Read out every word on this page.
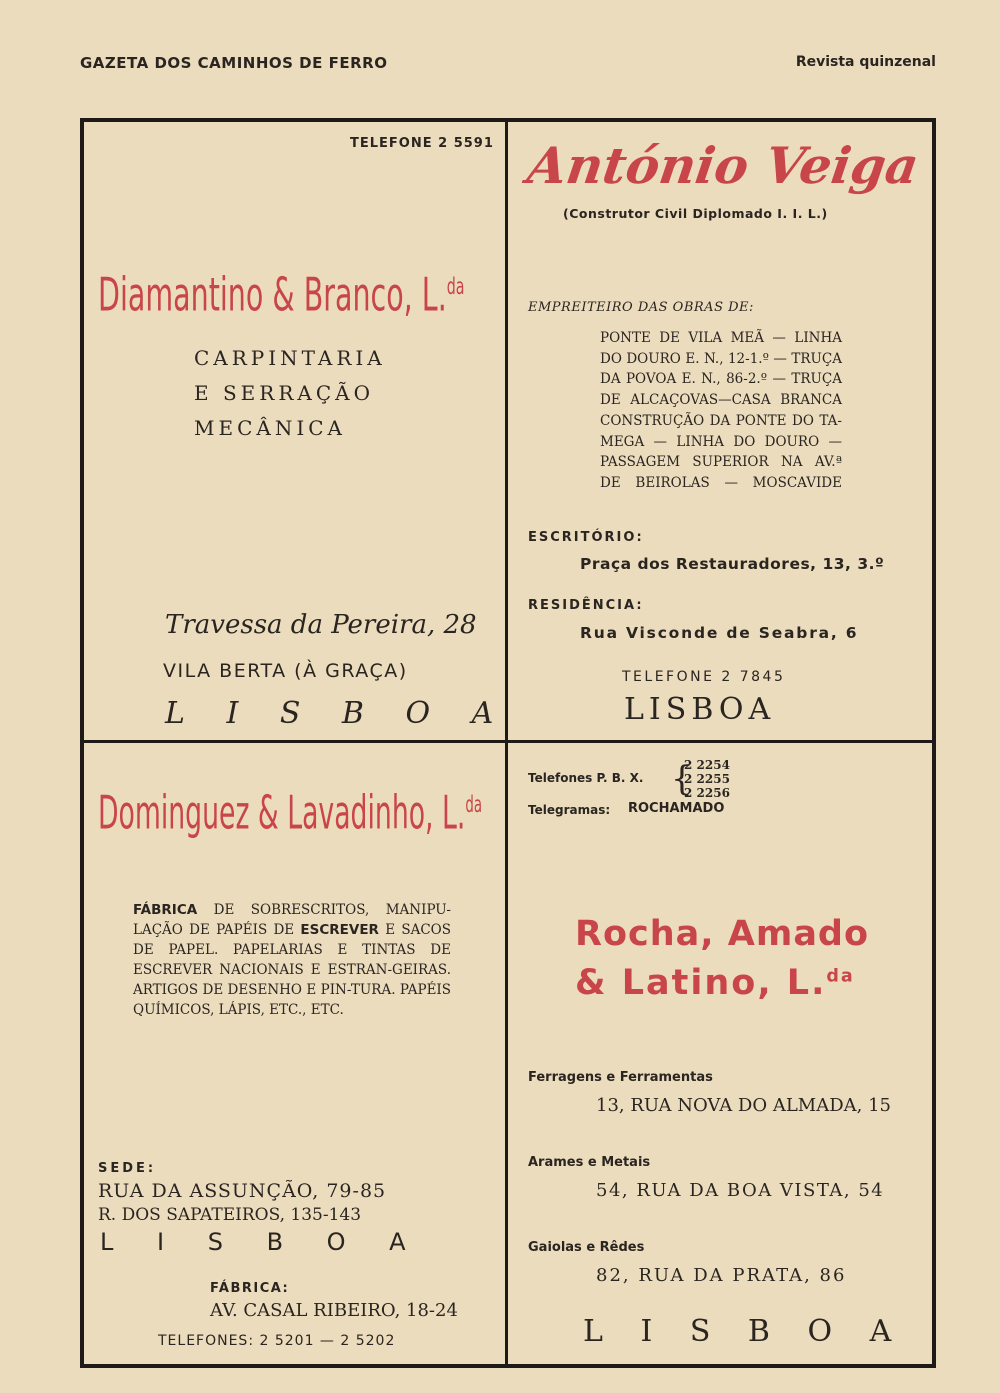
GAZETA DOS CAMINHOS DE FERRO	Revista quinzenal
TELEFONE 2 5591
Diamantino & Branco, L.$^{da}$
CARPINTARIA
E SERRAÇÃO
MECÂNICA
Travessa da Pereira, 28
VILA BERTA (À GRAÇA)
L I S B O A
António Veiga
(Construtor Civil Diplomado I. I. L.)
EMPREITEIRO DAS OBRAS DE:
PONTE DE VILA MEÃ — LINHA
DO DOURO E. N., 12-1.º — TRUÇA
DA POVOA E. N., 86-2.º — TRUÇA
DE ALCAÇOVAS—CASA BRANCA
CONSTRUÇÃO DA PONTE DO TA-
MEGA — LINHA DO DOURO —
PASSAGEM SUPERIOR NA AV.ª
DE BEIROLAS — MOSCAVIDE
ESCRITÓRIO:
Praça dos Restauradores, 13, 3.º
RESIDÊNCIA:
Rua Visconde de Seabra, 6
TELEFONE 2 7845
LISBOA
Dominguez & Lavadinho, L.$^{da}$
FÁBRICA DE SOBRESCRITOS, MANIPU-LAÇÃO DE PAPÉIS DE ESCREVER E SACOS DE PAPEL. PAPELARIAS E TINTAS DE ESCREVER NACIONAIS E ESTRAN-GEIRAS. ARTIGOS DE DESENHO E PIN-TURA. PAPÉIS QUÍMICOS, LÁPIS, ETC., ETC.
SEDE:
RUA DA ASSUNÇÃO, 79-85
R. DOS SAPATEIROS, 135-143
L I S B O A
FÁBRICA:
AV. CASAL RIBEIRO, 18-24
TELEFONES: 2 5201 — 2 5202
Telefones P. B. X. {
2 2254
2 2255
2 2256
Telegramas: ROCHAMADO
Rocha, Amado
& Latino, L.$^{da}$
Ferragens e Ferramentas
13, RUA NOVA DO ALMADA, 15
Arames e Metais
54, RUA DA BOA VISTA, 54
Gaiolas e Rêdes
82, RUA DA PRATA, 86
L I S B O A
